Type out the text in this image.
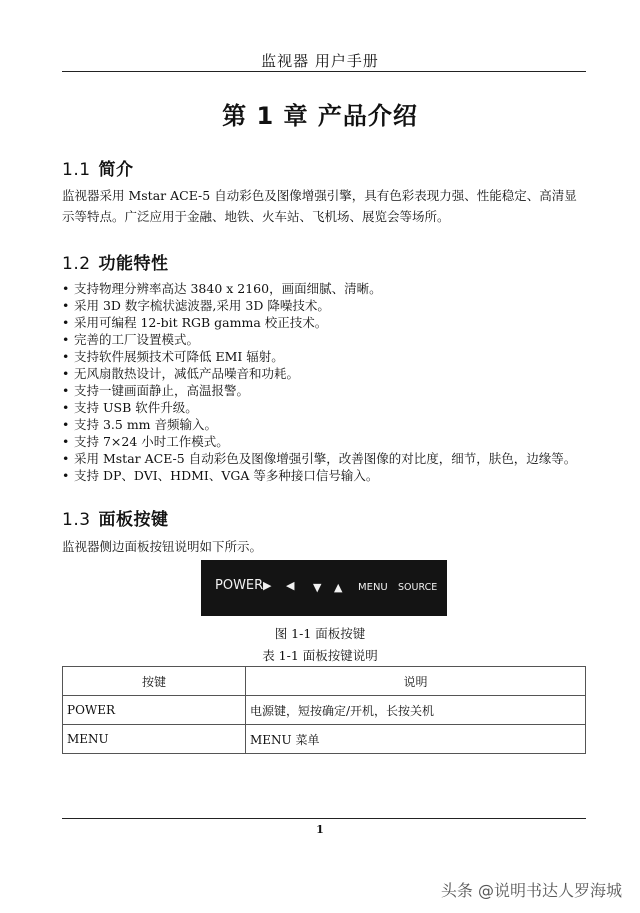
监视器 用户手册
第 1 章 产品介绍
1.1 简介
监视器采用 Mstar ACE-5 自动彩色及图像增强引擎，具有色彩表现力强、性能稳定、高清显示等特点。广泛应用于金融、地铁、火车站、飞机场、展览会等场所。
1.2 功能特性
• 支持物理分辨率高达 3840 x 2160，画面细腻、清晰。
• 采用 3D 数字梳状滤波器,采用 3D 降噪技术。
• 采用可编程 12-bit RGB gamma 校正技术。
• 完善的工厂设置模式。
• 支持软件展频技术可降低 EMI 辐射。
• 无风扇散热设计，减低产品噪音和功耗。
• 支持一键画面静止，高温报警。
• 支持 USB 软件升级。
• 支持 3.5 mm 音频输入。
• 支持 7×24 小时工作模式。
• 采用 Mstar ACE-5 自动彩色及图像增强引擎，改善图像的对比度，细节，肤色，边缘等。
• 支持 DP、DVI、HDMI、VGA 等多种接口信号输入。
1.3 面板按键
监视器侧边面板按钮说明如下所示。
POWER ▶ ◀ ▼ ▲ MENU SOURCE
图 1-1 面板按键
表 1-1 面板按键说明
按键	说明
POWER	电源键，短按确定/开机，长按关机
MENU	MENU 菜单
1
头条 @说明书达人罗海城
